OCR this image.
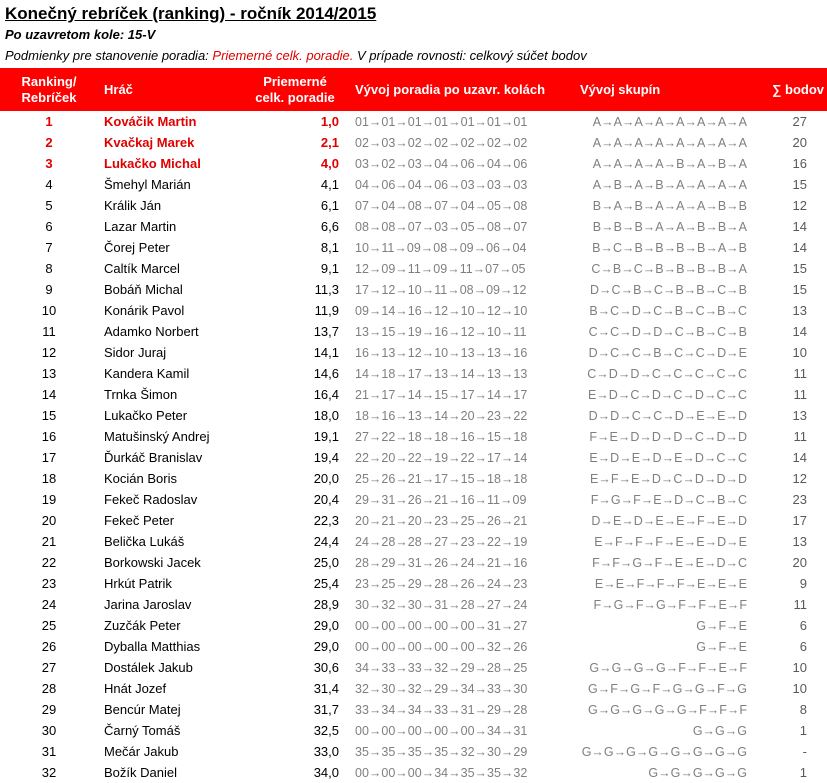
Konečný rebríček (ranking) - ročník 2014/2015
Po uzavretom kole: 15-V
Podmienky pre stanovenie poradia: Priemerné celk. poradie. V prípade rovnosti: celkový súčet bodov
Ranking/
Rebríček	Hráč	Priemerné
celk. poradie	Vývoj poradia po uzavr. kolách	Vývoj skupín	∑ bodov
1	Kováčik Martin	1,0	01→01→01→01→01→01→01	A→A→A→A→A→A→A→A	27
2	Kvačkaj Marek	2,1	02→03→02→02→02→02→02	A→A→A→A→A→A→A→A	20
3	Lukačko Michal	4,0	03→02→03→04→06→04→06	A→A→A→A→B→A→B→A	16
4	Šmehyl Marián	4,1	04→06→04→06→03→03→03	A→B→A→B→A→A→A→A	15
5	Králik Ján	6,1	07→04→08→07→04→05→08	B→A→B→A→A→A→B→B	12
6	Lazar Martin	6,6	08→08→07→03→05→08→07	B→B→B→A→A→B→B→A	14
7	Čorej Peter	8,1	10→11→09→08→09→06→04	B→C→B→B→B→B→A→B	14
8	Caltík Marcel	9,1	12→09→11→09→11→07→05	C→B→C→B→B→B→B→A	15
9	Bobáň Michal	11,3	17→12→10→11→08→09→12	D→C→B→C→B→B→C→B	15
10	Konárik Pavol	11,9	09→14→16→12→10→12→10	B→C→D→C→B→C→B→C	13
11	Adamko Norbert	13,7	13→15→19→16→12→10→11	C→C→D→D→C→B→C→B	14
12	Sidor Juraj	14,1	16→13→12→10→13→13→16	D→C→C→B→C→C→D→E	10
13	Kandera Kamil	14,6	14→18→17→13→14→13→13	C→D→D→C→C→C→C→C	11
14	Trnka Šimon	16,4	21→17→14→15→17→14→17	E→D→C→D→C→D→C→C	11
15	Lukačko Peter	18,0	18→16→13→14→20→23→22	D→D→C→C→D→E→E→D	13
16	Matušinský Andrej	19,1	27→22→18→18→16→15→18	F→E→D→D→D→C→D→D	11
17	Ďurkáč Branislav	19,4	22→20→22→19→22→17→14	E→D→E→D→E→D→C→C	14
18	Kocián Boris	20,0	25→26→21→17→15→18→18	E→F→E→D→C→D→D→D	12
19	Fekeč Radoslav	20,4	29→31→26→21→16→11→09	F→G→F→E→D→C→B→C	23
20	Fekeč Peter	22,3	20→21→20→23→25→26→21	D→E→D→E→E→F→E→D	17
21	Belička Lukáš	24,4	24→28→28→27→23→22→19	E→F→F→F→E→E→D→E	13
22	Borkowski Jacek	25,0	28→29→31→26→24→21→16	F→F→G→F→E→E→D→C	20
23	Hrkút Patrik	25,4	23→25→29→28→26→24→23	E→E→F→F→F→E→E→E	9
24	Jarina Jaroslav	28,9	30→32→30→31→28→27→24	F→G→F→G→F→F→E→F	11
25	Zuzčák Peter	29,0	00→00→00→00→00→31→27	G→F→E	6
26	Dyballa Matthias	29,0	00→00→00→00→00→32→26	G→F→E	6
27	Dostálek Jakub	30,6	34→33→33→32→29→28→25	G→G→G→G→F→F→E→F	10
28	Hnát Jozef	31,4	32→30→32→29→34→33→30	G→F→G→F→G→G→F→G	10
29	Bencúr Matej	31,7	33→34→34→33→31→29→28	G→G→G→G→G→F→F→F	8
30	Čarný Tomáš	32,5	00→00→00→00→00→34→31	G→G→G	1
31	Mečár Jakub	33,0	35→35→35→35→32→30→29	G→G→G→G→G→G→G→G	-
32	Božík Daniel	34,0	00→00→00→34→35→35→32	G→G→G→G→G	1
